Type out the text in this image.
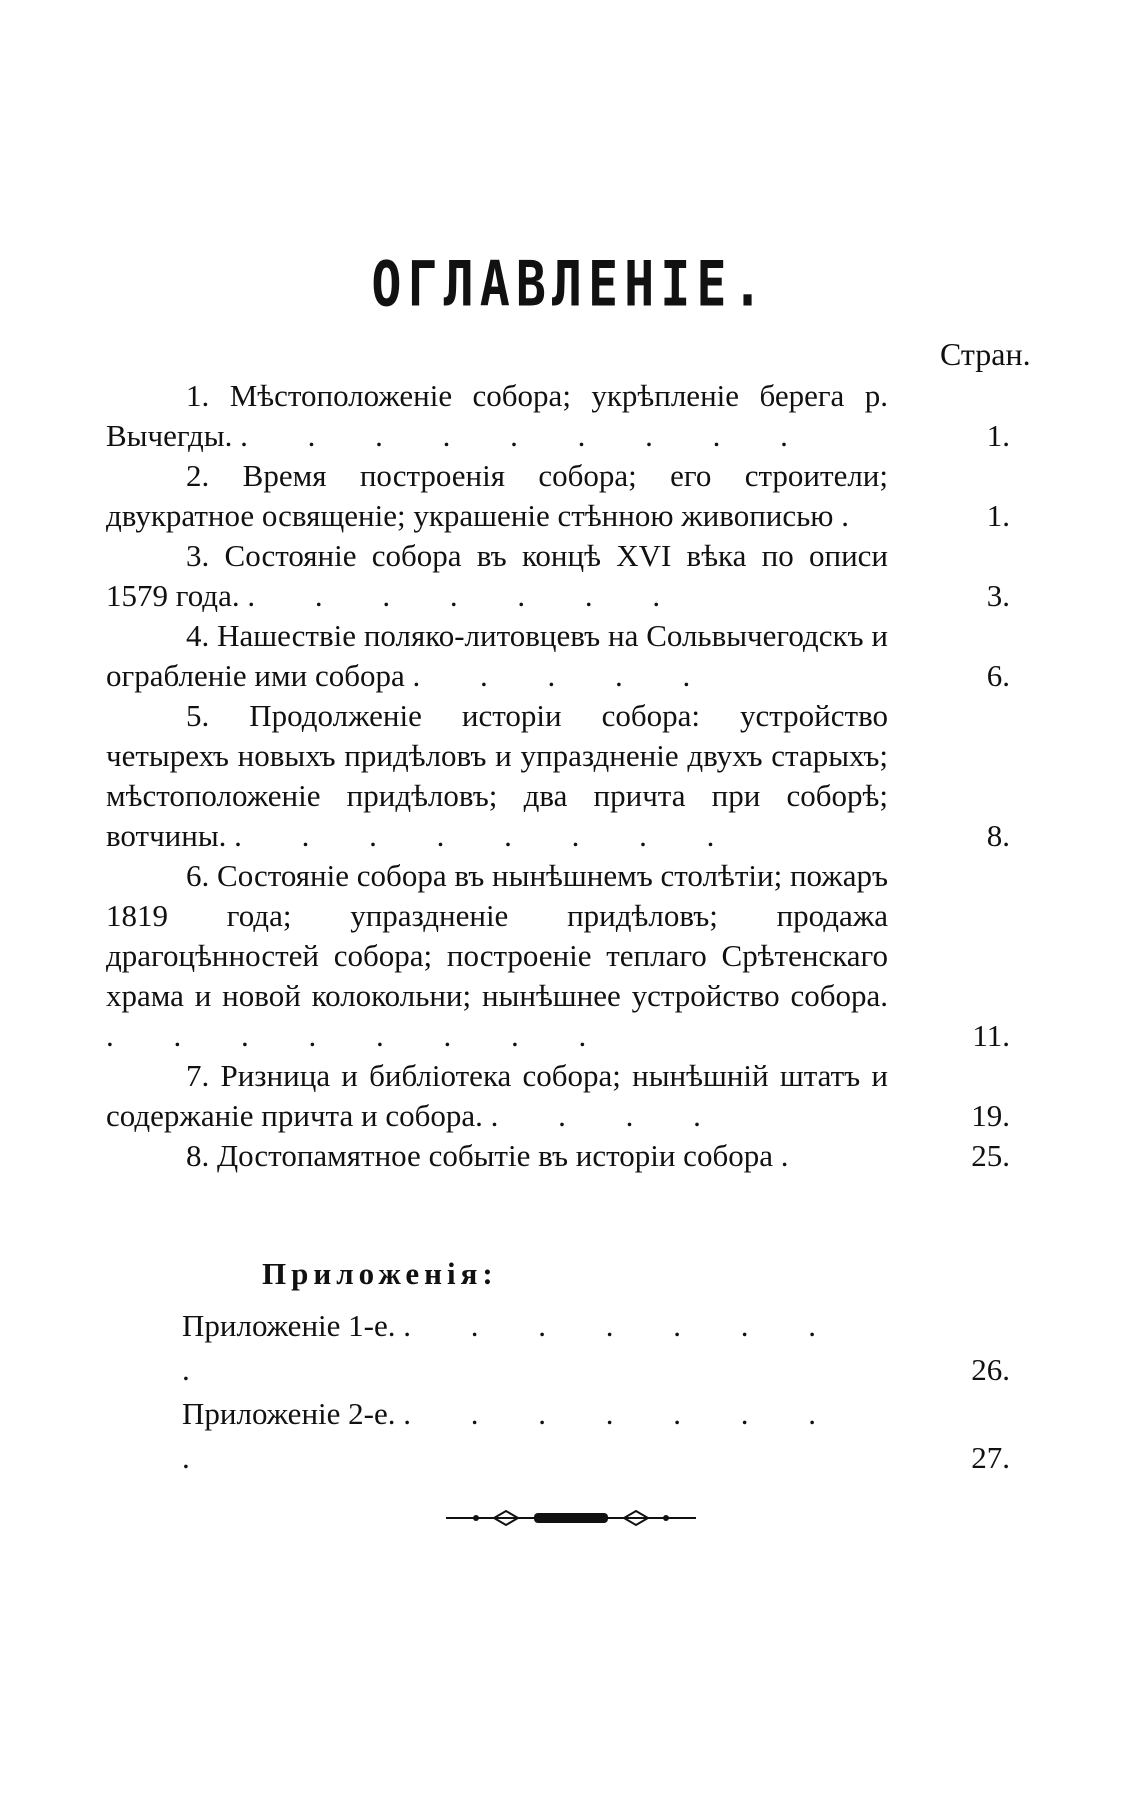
ОГЛАВЛЕНІЕ.
Стран.
1. Мѣстоположеніе собора; укрѣпленіе берега р. Вычегды. . . . . . . . . .	1.
2. Время построенія собора; его строители; двукратное освященіе; украшеніе стѣнною живописью .	1.
3. Состояніе собора въ концѣ XVI вѣка по описи 1579 года. . . . . . . .	3.
4. Нашествіе поляко-литовцевъ на Сольвычегодскъ и ограбленіе ими собора . . . . .	6.
5. Продолженіе исторіи собора: устройство четырехъ новыхъ придѣловъ и упраздненіе двухъ старыхъ; мѣстоположеніе придѣловъ; два причта при соборѣ; вотчины. . . . . . . . .	8.
6. Состояніе собора въ нынѣшнемъ столѣтіи; пожаръ 1819 года; упраздненіе придѣловъ; продажа драгоцѣнностей собора; построеніе теплаго Срѣтенскаго храма и новой колокольни; нынѣшнее устройство собора. . . . . . . . .	11.
7. Ризница и библіотека собора; нынѣшній штатъ и содержаніе причта и собора. . . . .	19.
8. Достопамятное событіе въ исторіи собора .	25.
Приложенія:
Приложеніе 1-е. . . . . . . . .	26.
Приложеніе 2-е. . . . . . . . .	27.
